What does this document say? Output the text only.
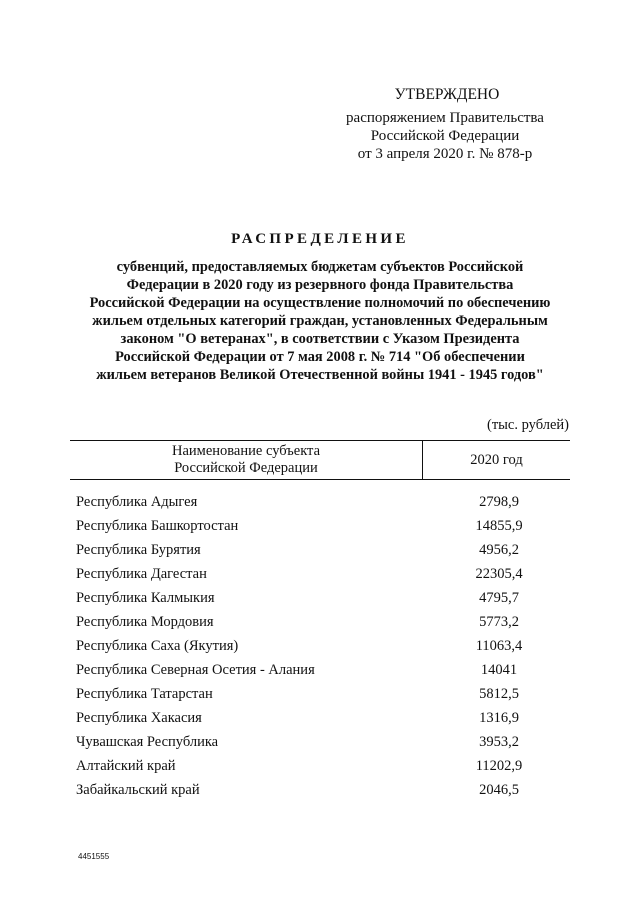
УТВЕРЖДЕНО
распоряжением Правительства
Российской Федерации
от 3 апреля 2020 г. № 878-р
РАСПРЕДЕЛЕНИЕ
субвенций, предоставляемых бюджетам субъектов Российской
Федерации в 2020 году из резервного фонда Правительства
Российской Федерации на осуществление полномочий по обеспечению
жильем отдельных категорий граждан, установленных Федеральным
законом "О ветеранах", в соответствии с Указом Президента
Российской Федерации от 7 мая 2008 г. № 714 "Об обеспечении
жильем ветеранов Великой Отечественной войны 1941 - 1945 годов"
(тыс. рублей)
Наименование субъекта
Российской Федерации	2020 год
Республика Адыгея	2798,9
Республика Башкортостан	14855,9
Республика Бурятия	4956,2
Республика Дагестан	22305,4
Республика Калмыкия	4795,7
Республика Мордовия	5773,2
Республика Саха (Якутия)	11063,4
Республика Северная Осетия - Алания	14041
Республика Татарстан	5812,5
Республика Хакасия	1316,9
Чувашская Республика	3953,2
Алтайский край	11202,9
Забайкальский край	2046,5
4451555
